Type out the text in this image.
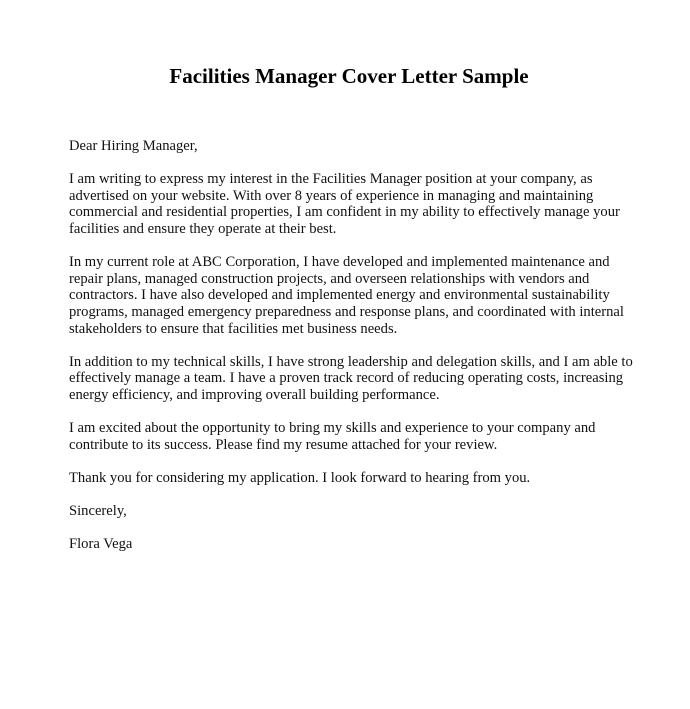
Facilities Manager Cover Letter Sample

Dear Hiring Manager,

I am writing to express my interest in the Facilities Manager position at your company, as advertised on your website. With over 8 years of experience in managing and maintaining commercial and residential properties, I am confident in my ability to effectively manage your facilities and ensure they operate at their best.

In my current role at ABC Corporation, I have developed and implemented maintenance and repair plans, managed construction projects, and overseen relationships with vendors and contractors. I have also developed and implemented energy and environmental sustainability programs, managed emergency preparedness and response plans, and coordinated with internal stakeholders to ensure that facilities met business needs.

In addition to my technical skills, I have strong leadership and delegation skills, and I am able to effectively manage a team. I have a proven track record of reducing operating costs, increasing energy efficiency, and improving overall building performance.

I am excited about the opportunity to bring my skills and experience to your company and contribute to its success. Please find my resume attached for your review.

Thank you for considering my application. I look forward to hearing from you.

Sincerely,

Flora Vega
